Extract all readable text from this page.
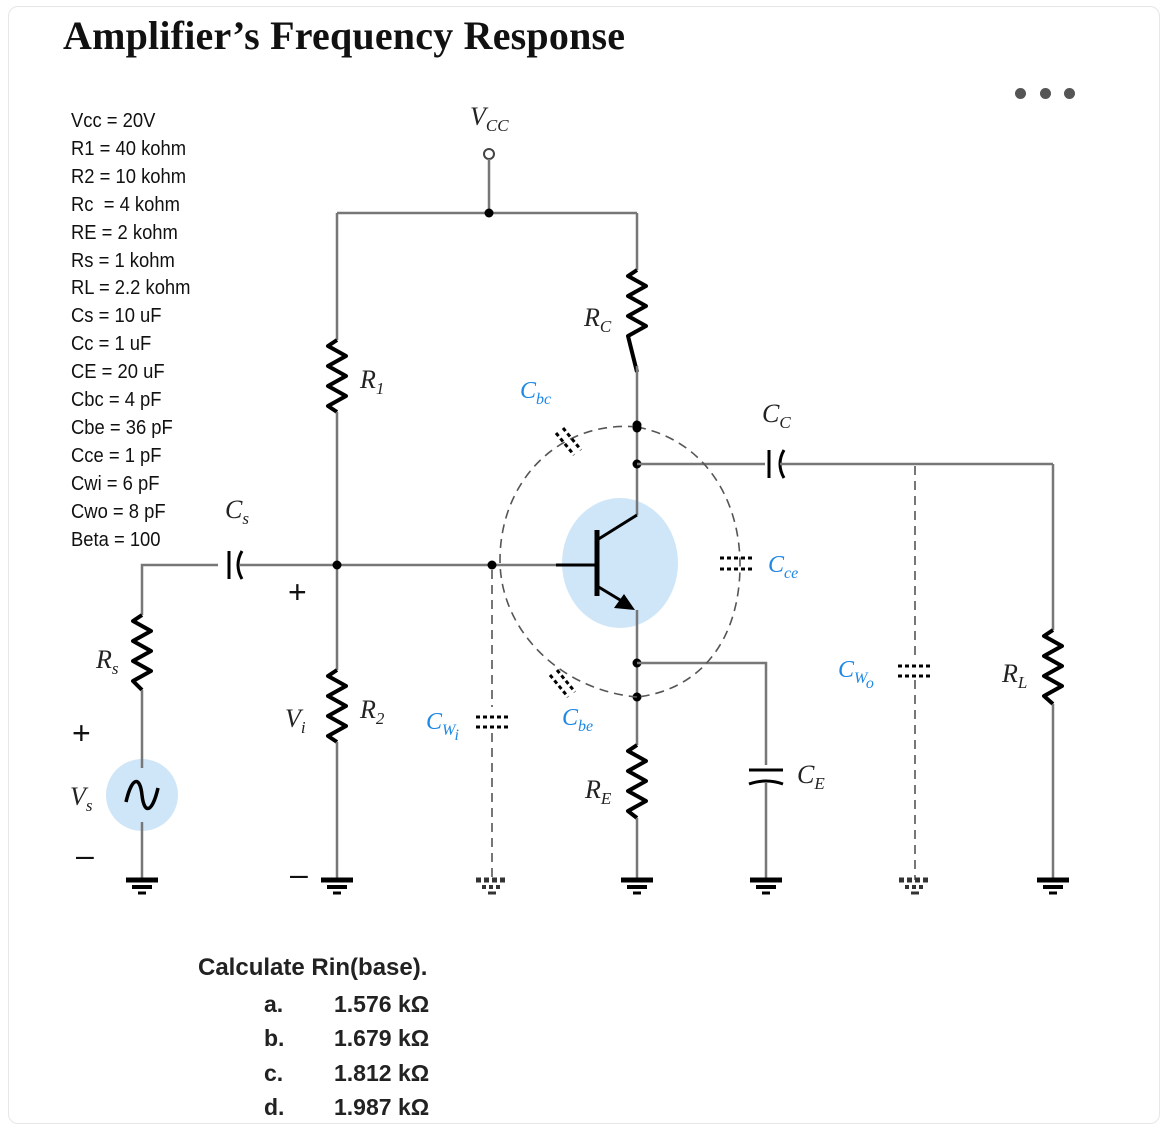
Amplifier’s Frequency Response
Vcc = 20V
R1 = 40 kohm
R2 = 10 kohm
Rc  = 4 kohm
RE = 2 kohm
Rs = 1 kohm
RL = 2.2 kohm
Cs = 10 uF
Cc = 1 uF
CE = 20 uF
Cbc = 4 pF
Cbe = 36 pF
Cce = 1 pF
Cwi = 6 pF
Cwo = 8 pF
Beta = 100
$V_{CC}$
$R_C$
$R_1$
$R_2$
$R_E$
$R_s$	$R_L$
$C_s$
$C_C$
$C_E$
$V_i$
$V_s$
$C_{bc}$
$C_{be}$
$C_{ce}$
$C_{Wi}$
$C_{Wo}$
+
–
+
–
Calculate Rin(base).
a.	1.576 kΩ
b.	1.679 kΩ
c.	1.812 kΩ
d.	1.987 kΩ
